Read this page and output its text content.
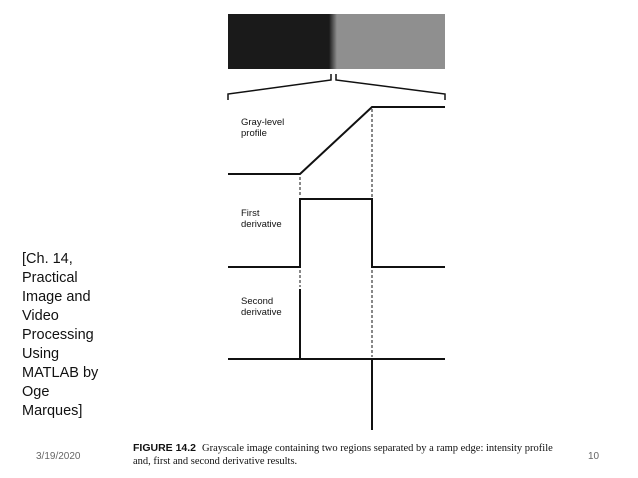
Gray-level
profile
First
derivative
Second
derivative
[Ch. 14,
Practical
Image and
Video
Processing
Using
MATLAB by
Oge
Marques]
FIGURE 14.2 Grayscale image containing two regions separated by a ramp edge: intensity profile and, first and second derivative results.
3/19/2020	10
